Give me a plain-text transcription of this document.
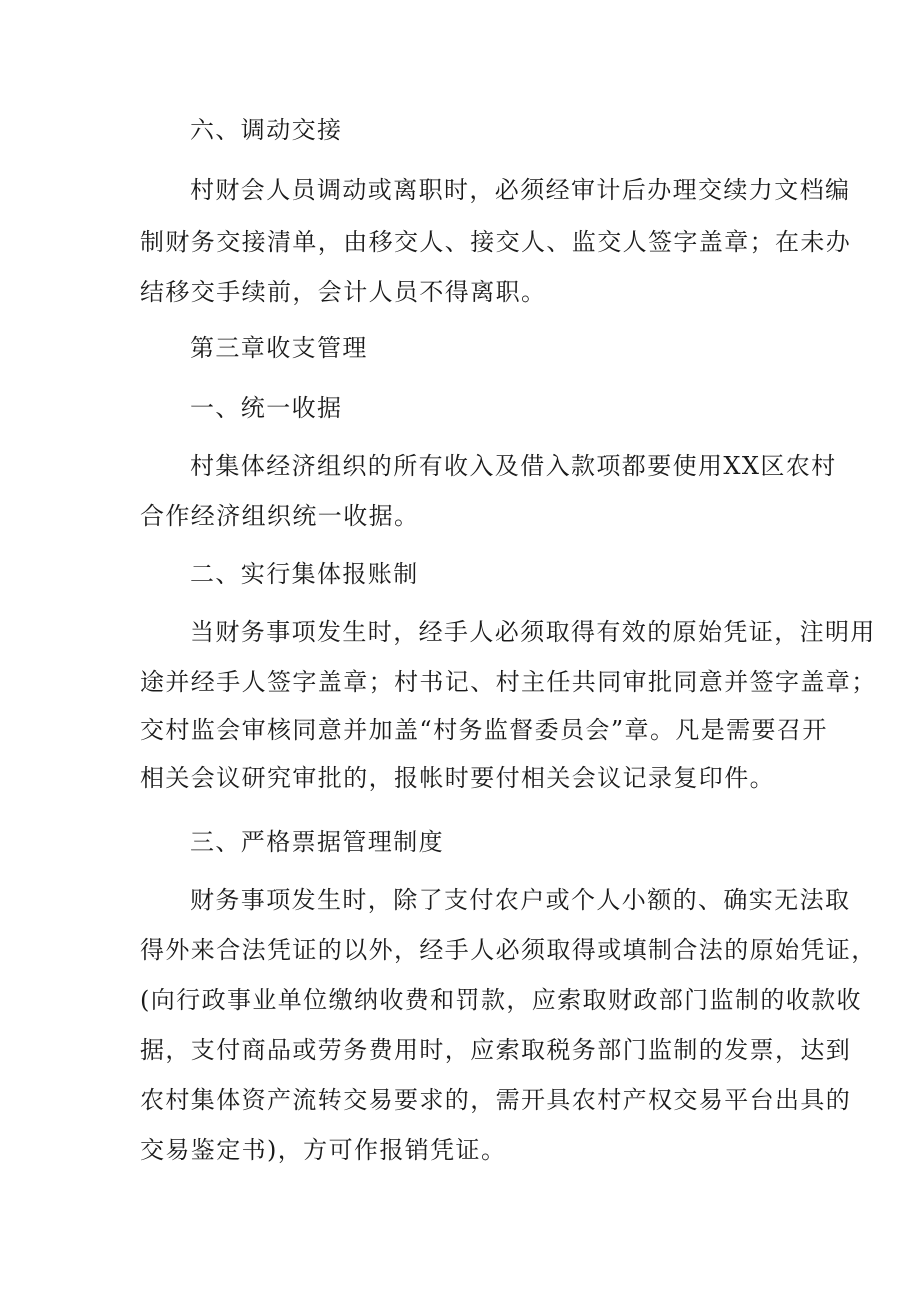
六、调动交接
村财会人员调动或离职时，必须经审计后办理交续力文档编
制财务交接清单，由移交人、接交人、监交人签字盖章；在未办
结移交手续前，会计人员不得离职。
第三章收支管理
一、统一收据
村集体经济组织的所有收入及借入款项都要使用XX区农村
合作经济组织统一收据。
二、实行集体报账制
当财务事项发生时，经手人必须取得有效的原始凭证，注明用
途并经手人签字盖章；村书记、村主任共同审批同意并签字盖章；
交村监会审核同意并加盖“村务监督委员会”章。凡是需要召开
相关会议研究审批的，报帐时要付相关会议记录复印件。
三、严格票据管理制度
财务事项发生时，除了支付农户或个人小额的、确实无法取
得外来合法凭证的以外，经手人必须取得或填制合法的原始凭证，
(向行政事业单位缴纳收费和罚款，应索取财政部门监制的收款收
据，支付商品或劳务费用时，应索取税务部门监制的发票，达到
农村集体资产流转交易要求的，需开具农村产权交易平台出具的
交易鉴定书)，方可作报销凭证。
